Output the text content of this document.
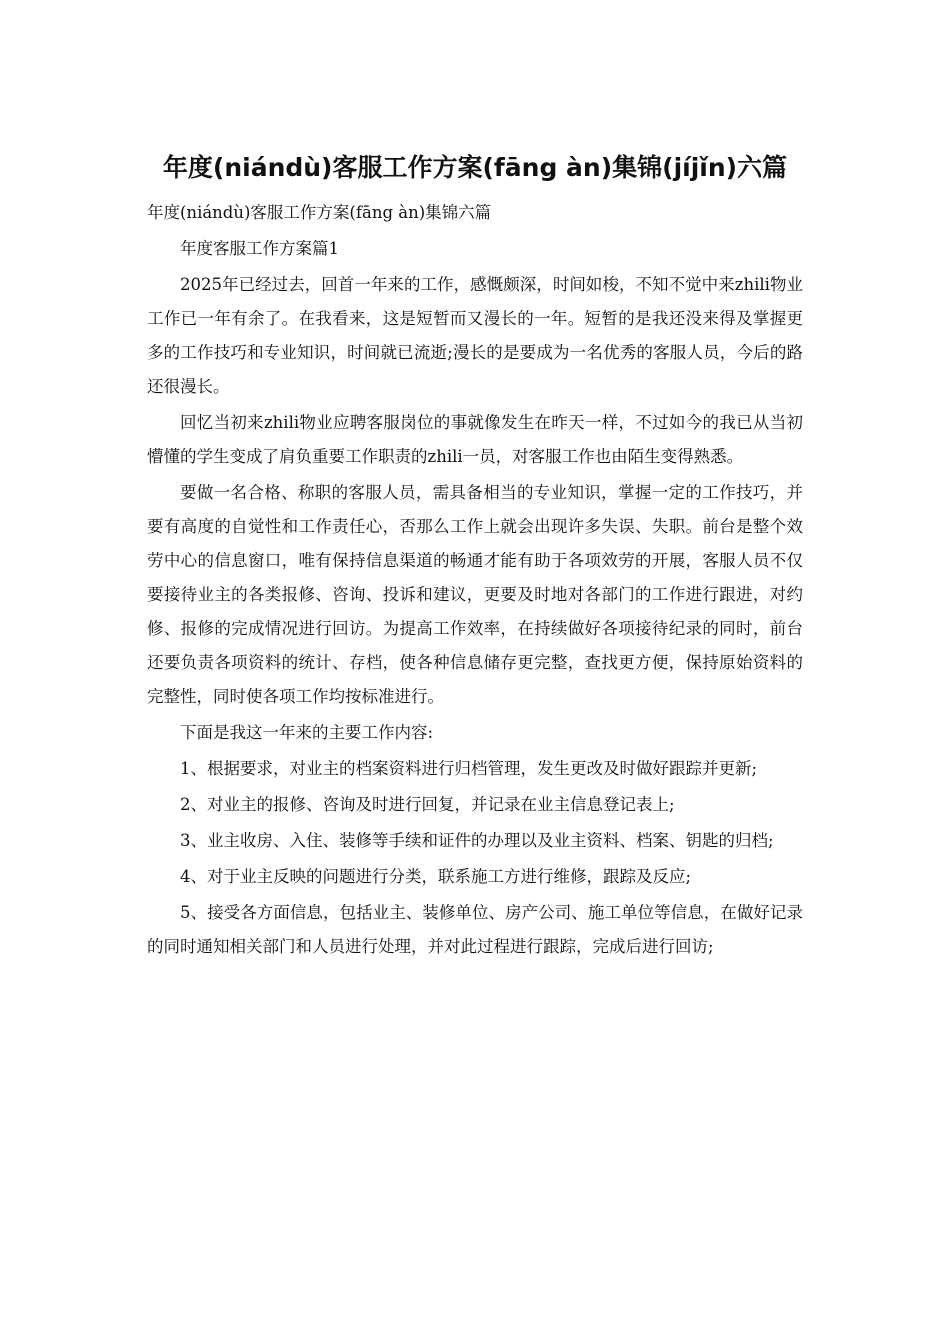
年度(niándù)客服工作方案(fāng àn)集锦(jíjǐn)六篇
年度(niándù)客服工作方案(fāng àn)集锦六篇

年度客服工作方案篇1

2025年已经过去，回首一年来的工作，感慨颇深，时间如梭，不知不觉中来zhili物业工作已一年有余了。在我看来，这是短暂而又漫长的一年。短暂的是我还没来得及掌握更多的工作技巧和专业知识，时间就已流逝;漫长的是要成为一名优秀的客服人员，今后的路还很漫长。

回忆当初来zhili物业应聘客服岗位的事就像发生在昨天一样，不过如今的我已从当初懵懂的学生变成了肩负重要工作职责的zhili一员，对客服工作也由陌生变得熟悉。

要做一名合格、称职的客服人员，需具备相当的专业知识，掌握一定的工作技巧，并要有高度的自觉性和工作责任心，否那么工作上就会出现许多失误、失职。前台是整个效劳中心的信息窗口，唯有保持信息渠道的畅通才能有助于各项效劳的开展，客服人员不仅要接待业主的各类报修、咨询、投诉和建议，更要及时地对各部门的工作进行跟进，对约修、报修的完成情况进行回访。为提高工作效率，在持续做好各项接待纪录的同时，前台还要负责各项资料的统计、存档，使各种信息储存更完整，查找更方便，保持原始资料的完整性，同时使各项工作均按标准进行。

下面是我这一年来的主要工作内容:

1、根据要求，对业主的档案资料进行归档管理，发生更改及时做好跟踪并更新;

2、对业主的报修、咨询及时进行回复，并记录在业主信息登记表上;

3、业主收房、入住、装修等手续和证件的办理以及业主资料、档案、钥匙的归档;

4、对于业主反映的问题进行分类，联系施工方进行维修，跟踪及反应;

5、接受各方面信息，包括业主、装修单位、房产公司、施工单位等信息，在做好记录的同时通知相关部门和人员进行处理，并对此过程进行跟踪，完成后进行回访;
